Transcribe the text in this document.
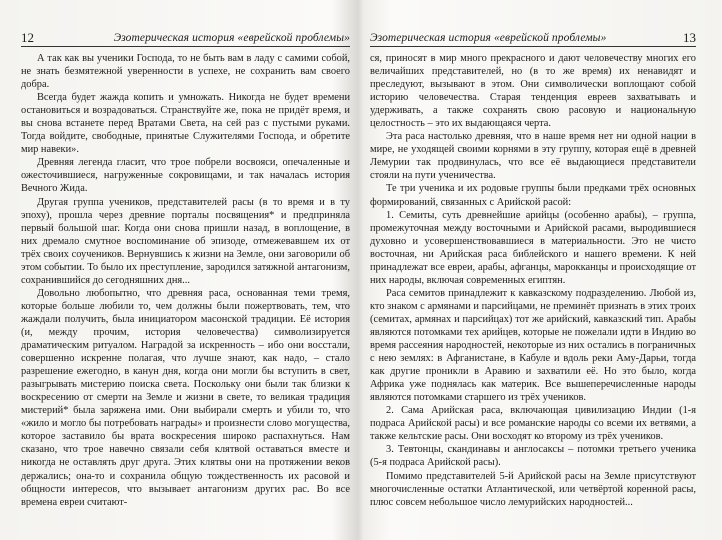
12	Эзотерическая история «еврейской проблемы»

А так как вы ученики Господа, то не быть вам в ладу с самими собой, не знать безмятежной уверенности в успехе, не сохранить вам своего добра.

Всегда будет жажда копить и умножать. Никогда не будет времени остановиться и возрадоваться. Странствуйте же, пока не придёт время, и вы снова встанете перед Вратами Света, на сей раз с пустыми руками. Тогда войдите, свободные, принятые Служителями Господа, и обретите мир навеки».

Древняя легенда гласит, что трое побрели восвояси, опечаленные и ожесточившиеся, нагруженные сокровищами, и так началась история Вечного Жида.

Другая группа учеников, представителей расы (в то время и в ту эпоху), прошла через древние порталы посвящения* и предприняла первый большой шаг. Когда они снова пришли назад, в воплощение, в них дремало смутное воспоминание об эпизоде, отмежевавшем их от трёх своих соучеников. Вернувшись к жизни на Земле, они заговорили об этом событии. То было их преступление, зародился затяжной антагонизм, сохранившийся до сегодняшних дня...

Довольно любопытно, что древняя раса, основанная теми тремя, которые больше любили то, чем должны были пожертвовать, тем, что жаждали получить, была инициатором масонской традиции. Её история (и, между прочим, история человечества) символизируется драматическим ритуалом. Наградой за искренность – ибо они восстали, совершенно искренне полагая, что лучше знают, как надо, – стало разрешение ежегодно, в канун дня, когда они могли бы вступить в свет, разыгрывать мистерию поиска света. Поскольку они были так близки к воскресению от смерти на Земле и жизни в свете, то великая традиция мистерий* была заряжена ими. Они выбирали смерть и убили то, что «жило и могло бы потребовать награды» и произнести слово могущества, которое заставило бы врата воскресения широко распахнуться. Нам сказано, что трое навечно связали себя клятвой оставаться вместе и никогда не оставлять друг друга. Этих клятвы они на протяжении веков держались; она-то и сохранила общую тождественность их расовой и общности интересов, что вызывает антагонизм других рас. Во все времена евреи считают-

Эзотерическая история «еврейской проблемы»	13

ся, приносят в мир много прекрасного и дают человечеству многих его величайших представителей, но (в то же время) их ненавидят и преследуют, вызывают в этом. Они символически воплощают собой историю человечества. Старая тенденция евреев захватывать и удерживать, а также сохранять свою расовую и национальную целостность – это их выдающаяся черта.

Эта раса настолько древняя, что в наше время нет ни одной нации в мире, не уходящей своими корнями в эту группу, которая ещё в древней Лемурии так продвинулась, что все её выдающиеся представители стояли на пути ученичества.

Те три ученика и их родовые группы были предками трёх основных формирований, связанных с Арийской расой:

1. Семиты, суть древнейшие арийцы (особенно арабы), – группа, промежуточная между восточными и Арийской расами, выродившиеся духовно и усовершенствовавшиеся в материальности. Это не чисто восточная, ни Арийская раса библейского и нашего времени. К ней принадлежат все евреи, арабы, афганцы, марокканцы и происходящие от них народы, включая современных египтян.

Раса семитов принадлежит к кавказскому подразделению. Любой из, кто знаком с армянами и парсийцами, не преминёт признать в этих троих (семитах, армянах и парсийцах) тот же арийский, кавказский тип. Арабы являются потомками тех арийцев, которые не пожелали идти в Индию во время рассеяния народностей, некоторые из них остались в пограничных с нею землях: в Афганистане, в Кабуле и вдоль реки Аму-Дарьи, тогда как другие проникли в Аравию и захватили её. Но это было, когда Африка уже поднялась как материк. Все вышеперечисленные народы являются потомками старшего из трёх учеников.

2. Сама Арийская раса, включающая цивилизацию Индии (1-я подраса Арийской расы) и все романские народы со всеми их ветвями, а также кельтские расы. Они восходят ко второму из трёх учеников.

3. Тевтонцы, скандинавы и англосаксы – потомки третьего ученика (5-я подраса Арийской расы).

Помимо представителей 5-й Арийской расы на Земле присутствуют многочисленные остатки Атлантической, или четвёртой коренной расы, плюс совсем небольшое число лемурийских народностей...
